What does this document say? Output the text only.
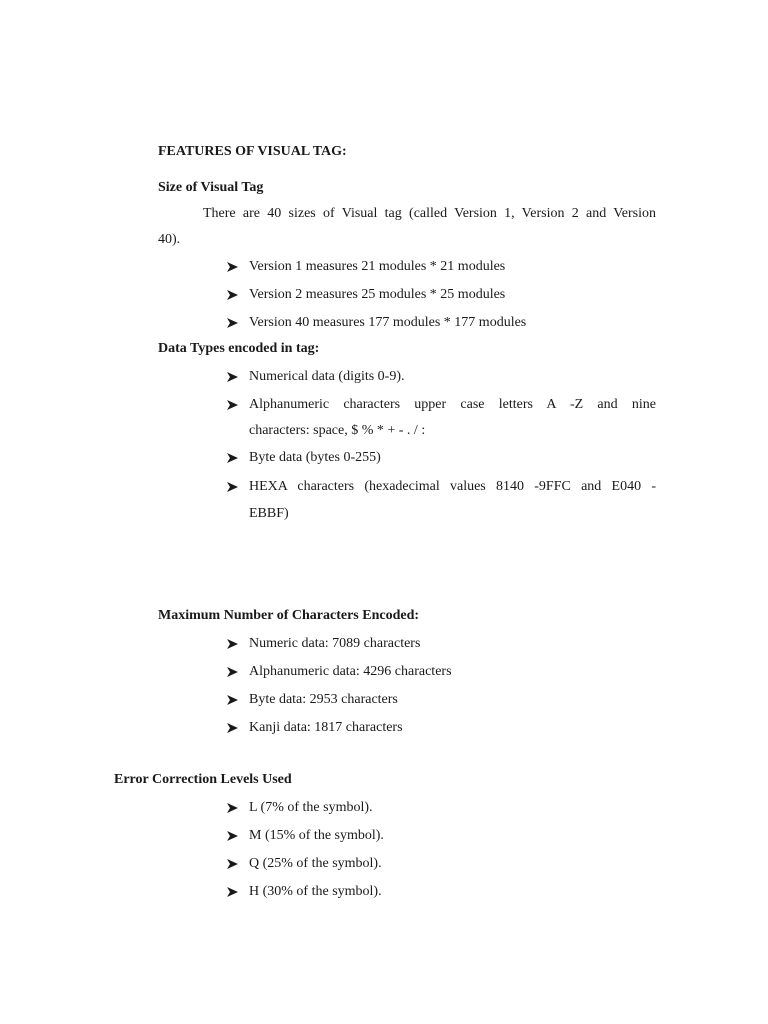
FEATURES OF VISUAL TAG:
Size of Visual Tag
There are 40 sizes of Visual tag (called Version 1, Version 2 and Version
40).
Version 1 measures 21 modules * 21 modules
Version 2 measures 25 modules * 25 modules
Version 40 measures 177 modules * 177 modules
Data Types encoded in tag:
Numerical data (digits 0-9).
Alphanumeric characters upper case letters A -Z and nine
characters: space, $ % * + - . / :
Byte data (bytes 0-255)
HEXA characters (hexadecimal values 8140 -9FFC and E040 -
EBBF)
Maximum Number of Characters Encoded:
Numeric data: 7089 characters
Alphanumeric data: 4296 characters
Byte data: 2953 characters
Kanji data: 1817 characters
Error Correction Levels Used
L (7% of the symbol).
M (15% of the symbol).
Q (25% of the symbol).
H (30% of the symbol).
